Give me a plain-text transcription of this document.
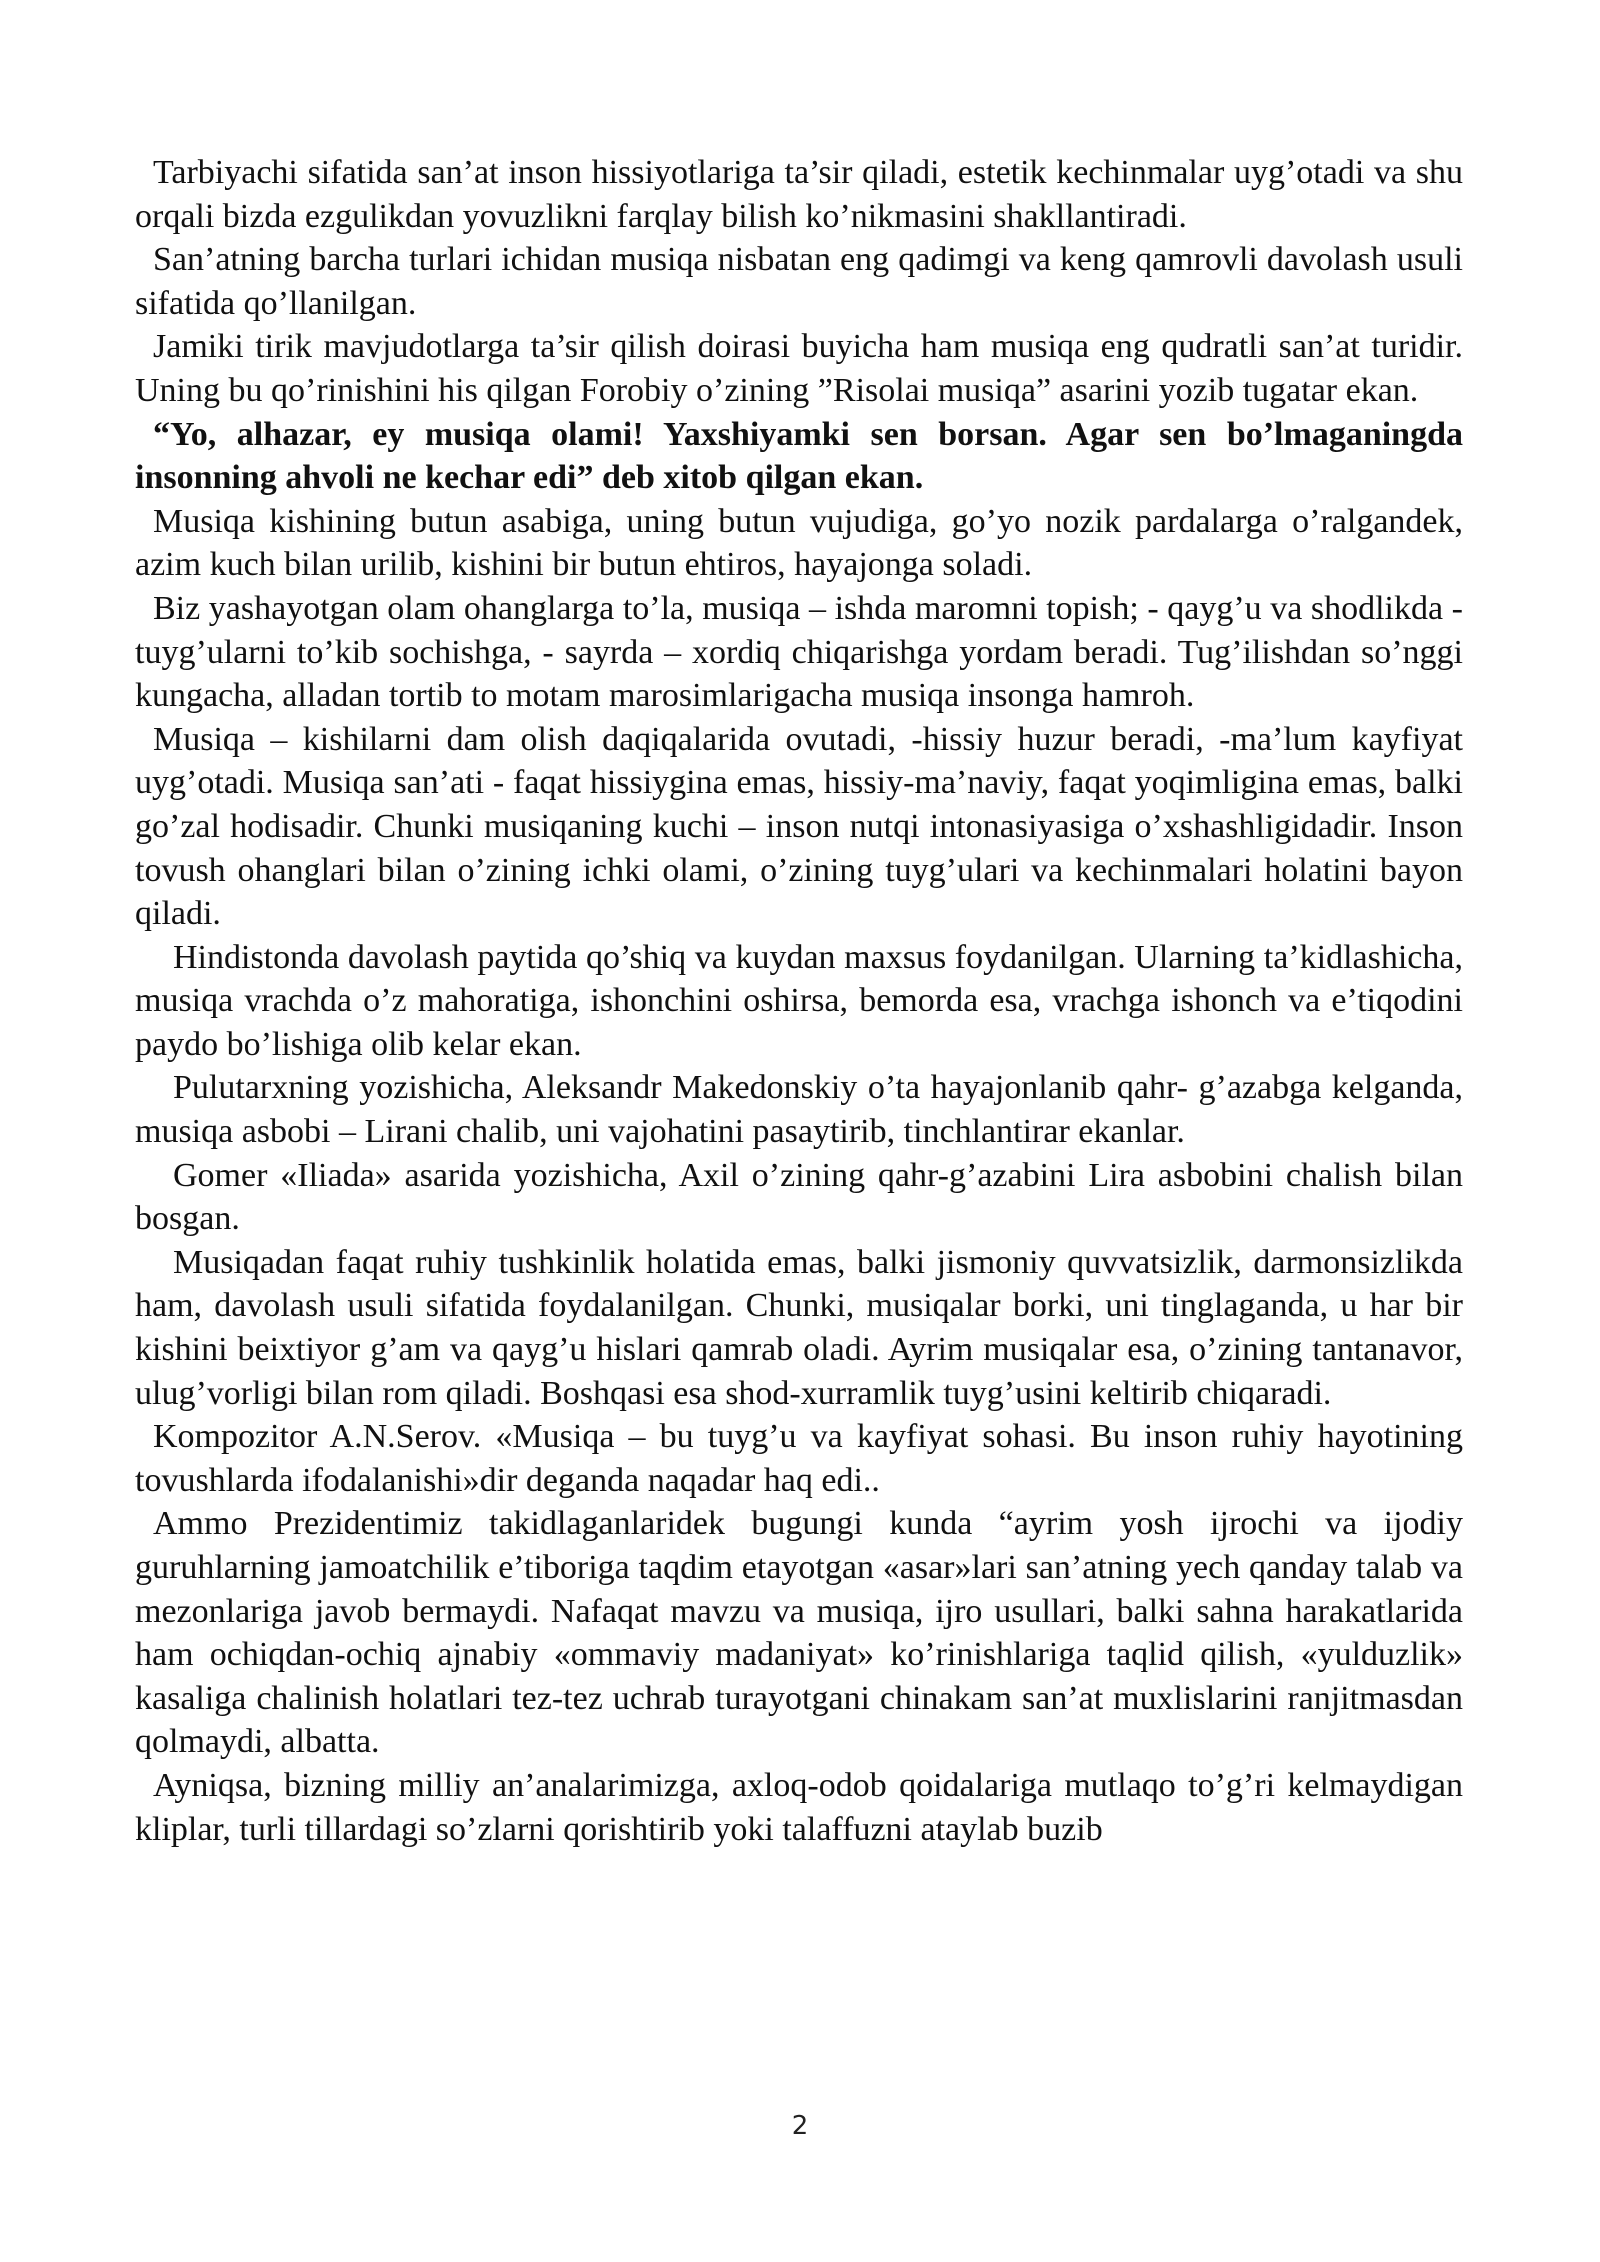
Tarbiyachi sifatida san’at inson hissiyotlariga ta’sir qiladi, estetik kechinmalar uyg’otadi va shu orqali bizda ezgulikdan yovuzlikni farqlay bilish ko’nikmasini shakllantiradi.

San’atning barcha turlari ichidan musiqa nisbatan eng qadimgi va keng qamrovli davolash usuli sifatida qo’llanilgan.

Jamiki tirik mavjudotlarga ta’sir qilish doirasi buyicha ham musiqa eng qudratli san’at turidir. Uning bu qo’rinishini his qilgan Forobiy o’zining ”Risolai musiqa” asarini yozib tugatar ekan.

“Yo, alhazar, ey musiqa olami! Yaxshiyamki sen borsan. Agar sen bo’lmaganingda insonning ahvoli ne kechar edi” deb xitob qilgan ekan.

Musiqa kishining butun asabiga, uning butun vujudiga, go’yo nozik pardalarga o’ralgandek, azim kuch bilan urilib, kishini bir butun ehtiros, hayajonga soladi.

Biz yashayotgan olam ohanglarga to’la, musiqa – ishda maromni topish; - qayg’u va shodlikda - tuyg’ularni to’kib sochishga, - sayrda – xordiq chiqarishga yordam beradi. Tug’ilishdan so’nggi kungacha, alladan tortib to motam marosimlarigacha musiqa insonga hamroh.

Musiqa – kishilarni dam olish daqiqalarida ovutadi, -hissiy huzur beradi, -ma’lum kayfiyat uyg’otadi. Musiqa san’ati - faqat hissiygina emas, hissiy-ma’naviy, faqat yoqimligina emas, balki go’zal hodisadir. Chunki musiqaning kuchi – inson nutqi intonasiyasiga o’xshashligidadir. Inson tovush ohanglari bilan o’zining ichki olami, o’zining tuyg’ulari va kechinmalari holatini bayon qiladi.

Hindistonda davolash paytida qo’shiq va kuydan maxsus foydanilgan. Ularning ta’kidlashicha, musiqa vrachda o’z mahoratiga, ishonchini oshirsa, bemorda esa, vrachga ishonch va e’tiqodini paydo bo’lishiga olib kelar ekan.

Pulutarxning yozishicha, Aleksandr Makedonskiy o’ta hayajonlanib qahr- g’azabga kelganda, musiqa asbobi – Lirani chalib, uni vajohatini pasaytirib, tinchlantirar ekanlar.

Gomer «Iliada» asarida yozishicha, Axil o’zining qahr-g’azabini Lira asbobini chalish bilan bosgan.

Musiqadan faqat ruhiy tushkinlik holatida emas, balki jismoniy quvvatsizlik, darmonsizlikda ham, davolash usuli sifatida foydalanilgan. Chunki, musiqalar borki, uni tinglaganda, u har bir kishini beixtiyor g’am va qayg’u hislari qamrab oladi. Ayrim musiqalar esa, o’zining tantanavor, ulug’vorligi bilan rom qiladi. Boshqasi esa shod-xurramlik tuyg’usini keltirib chiqaradi.

Kompozitor A.N.Serov. «Musiqa – bu tuyg’u va kayfiyat sohasi. Bu inson ruhiy hayotining tovushlarda ifodalanishi»dir deganda naqadar haq edi..

Ammo Prezidentimiz takidlaganlaridek bugungi kunda “ayrim yosh ijrochi va ijodiy guruhlarning jamoatchilik e’tiboriga taqdim etayotgan «asar»lari san’atning yech qanday talab va mezonlariga javob bermaydi. Nafaqat mavzu va musiqa, ijro usullari, balki sahna harakatlarida ham ochiqdan-ochiq ajnabiy «ommaviy madaniyat» ko’rinishlariga taqlid qilish, «yulduzlik» kasaliga chalinish holatlari tez-tez uchrab turayotgani chinakam san’at muxlislarini ranjitmasdan qolmaydi, albatta.

Ayniqsa, bizning milliy an’analarimizga, axloq-odob qoidalariga mutlaqo to’g’ri kelmaydigan kliplar, turli tillardagi so’zlarni qorishtirib yoki talaffuzni ataylab buzib

2
